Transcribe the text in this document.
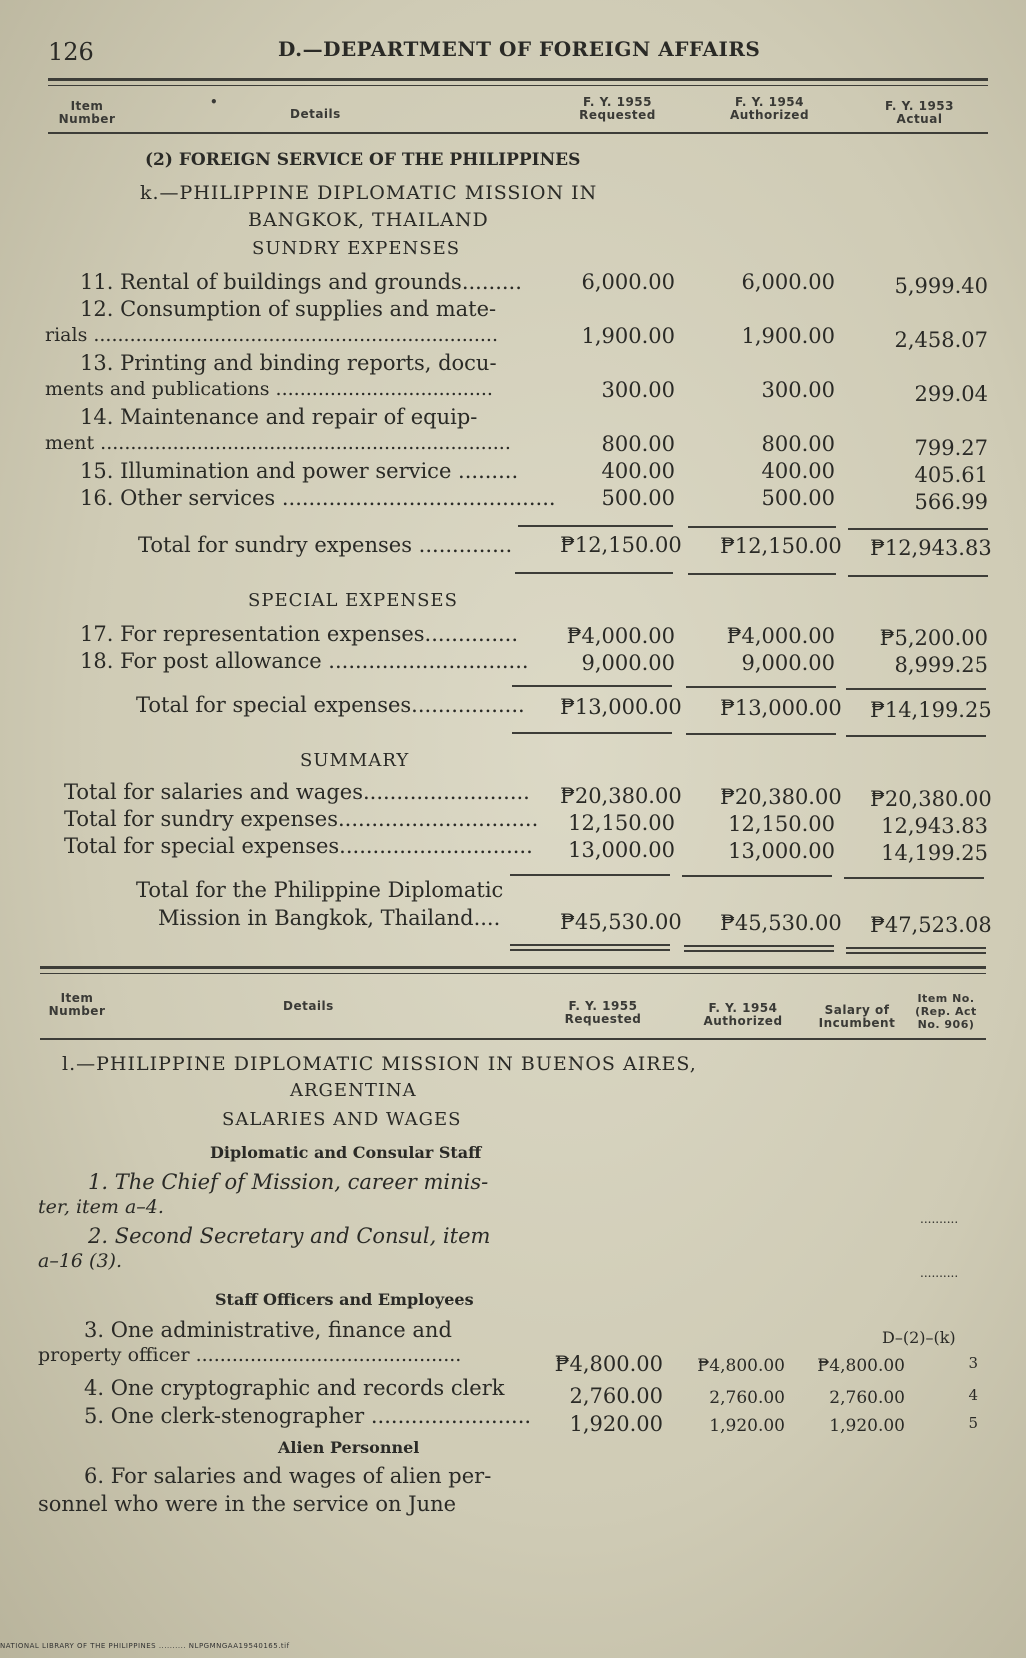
126	D.—DEPARTMENT OF FOREIGN AFFAIRS
Item
Number
•
Details
F. Y. 1955
Requested
F. Y. 1954
Authorized
F. Y. 1953
Actual
(2) FOREIGN SERVICE OF THE PHILIPPINES
k.—PHILIPPINE DIPLOMATIC MISSION IN
BANGKOK, THAILAND
SUNDRY EXPENSES
11. Rental of buildings and grounds.........	6,000.00	6,000.00	5,999.40
12. Consumption of supplies and mate-
rials ...................................................................	1,900.00	1,900.00	2,458.07
13. Printing and binding reports, docu-
ments and publications ....................................	300.00	300.00	299.04
14. Maintenance and repair of equip-
ment ....................................................................	800.00	800.00	799.27
15. Illumination and power service .........	400.00	400.00	405.61
16. Other services .........................................	500.00	500.00	566.99
Total for sundry expenses .............. ₱12,150.00 ₱12,150.00 ₱12,943.83
SPECIAL EXPENSES
17. For representation expenses..............	₱4,000.00	₱4,000.00	₱5,200.00
18. For post allowance ..............................	9,000.00	9,000.00	8,999.25
Total for special expenses................. ₱13,000.00 ₱13,000.00 ₱14,199.25
SUMMARY
Total for salaries and wages......................... ₱20,380.00 ₱20,380.00 ₱20,380.00
Total for sundry expenses..............................	12,150.00	12,150.00	12,943.83
Total for special expenses.............................	13,000.00	13,000.00	14,199.25
Total for the Philippine Diplomatic
Mission in Bangkok, Thailand....	₱45,530.00 ₱45,530.00 ₱47,523.08
Item
Number	Details	F. Y. 1955
Requested
F. Y. 1954
Authorized
Salary of
Incumbent
Item No.
(Rep. Act
No. 906)
l.—PHILIPPINE DIPLOMATIC MISSION IN BUENOS AIRES,
ARGENTINA
SALARIES AND WAGES
Diplomatic and Consular Staff
1. The Chief of Mission, career minis-
ter, item a–4.
2. Second Secretary and Consul, item
a–16 (3).
..........
..........
Staff Officers and Employees
D–(2)–(k)
3. One administrative, finance and
property officer ............................................	₱4,800.00	₱4,800.00	₱4,800.00	3
4. One cryptographic and records clerk	2,760.00	2,760.00	2,760.00	4
5. One clerk-stenographer ........................	1,920.00	1,920.00	1,920.00	5
Alien Personnel
6. For salaries and wages of alien per-
sonnel who were in the service on June
NATIONAL LIBRARY OF THE PHILIPPINES .......... NLPGMNGAA19540165.tif
